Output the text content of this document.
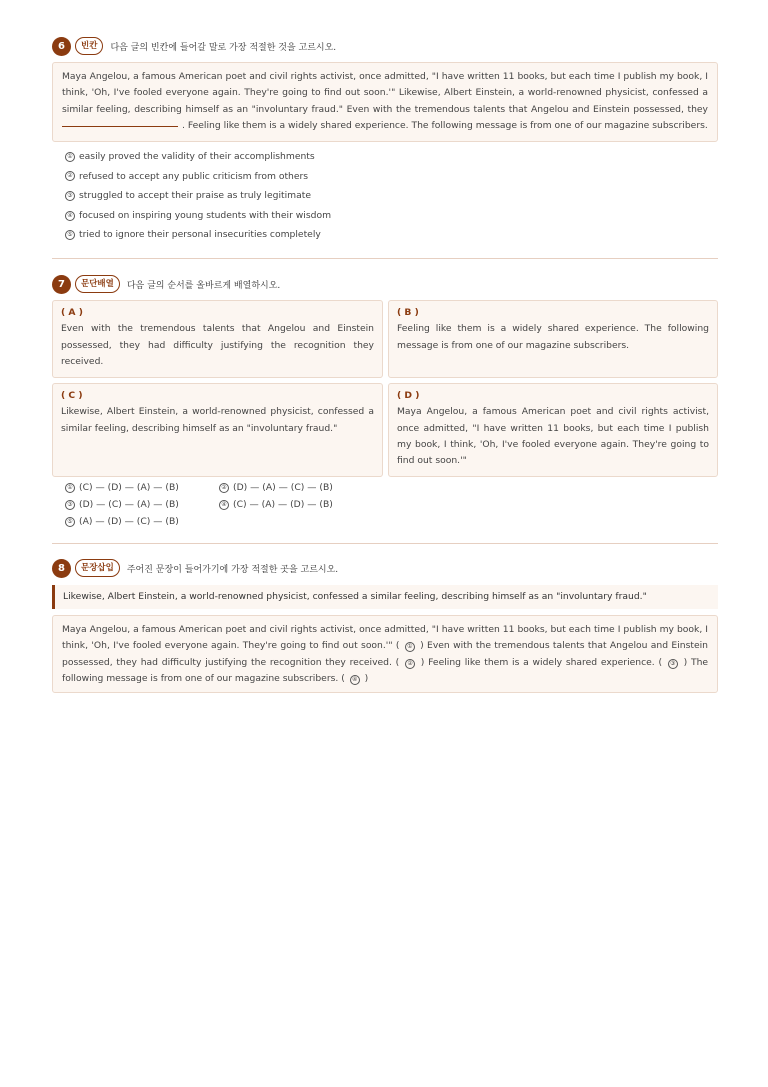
6	빈칸	다음 글의 빈칸에 들어갈 말로 가장 적절한 것을 고르시오.
Maya Angelou, a famous American poet and civil rights activist, once admitted, "I have written 11 books, but each time I publish my book, I think, 'Oh, I've fooled everyone again. They're going to find out soon.'" Likewise, Albert Einstein, a world-renowned physicist, confessed a similar feeling, describing himself as an "involuntary fraud." Even with the tremendous talents that Angelou and Einstein possessed, they . Feeling like them is a widely shared experience. The following message is from one of our magazine subscribers.
① easily proved the validity of their accomplishments
② refused to accept any public criticism from others
③ struggled to accept their praise as truly legitimate
④ focused on inspiring young students with their wisdom
⑤ tried to ignore their personal insecurities completely
7	문단배열	다음 글의 순서를 올바르게 배열하시오.
( A )
Even with the tremendous talents that Angelou and Einstein possessed, they had difficulty justifying the recognition they received.
( B )
Feeling like them is a widely shared experience. The following message is from one of our magazine subscribers.
( C )
Likewise, Albert Einstein, a world-renowned physicist, confessed a similar feeling, describing himself as an "involuntary fraud."
( D )
Maya Angelou, a famous American poet and civil rights activist, once admitted, "I have written 11 books, but each time I publish my book, I think, 'Oh, I've fooled everyone again. They're going to find out soon.'"
① (C) — (D) — (A) — (B)	② (D) — (A) — (C) — (B)
③ (D) — (C) — (A) — (B)	④ (C) — (A) — (D) — (B)
⑤ (A) — (D) — (C) — (B)
8	문장삽입	주어진 문장이 들어가기에 가장 적절한 곳을 고르시오.
Likewise, Albert Einstein, a world-renowned physicist, confessed a similar feeling, describing himself as an "involuntary fraud."
Maya Angelou, a famous American poet and civil rights activist, once admitted, "I have written 11 books, but each time I publish my book, I think, 'Oh, I've fooled everyone again. They're going to find out soon.'" ( ① ) Even with the tremendous talents that Angelou and Einstein possessed, they had difficulty justifying the recognition they received. ( ② ) Feeling like them is a widely shared experience. ( ③ ) The following message is from one of our magazine subscribers. ( ④ )
